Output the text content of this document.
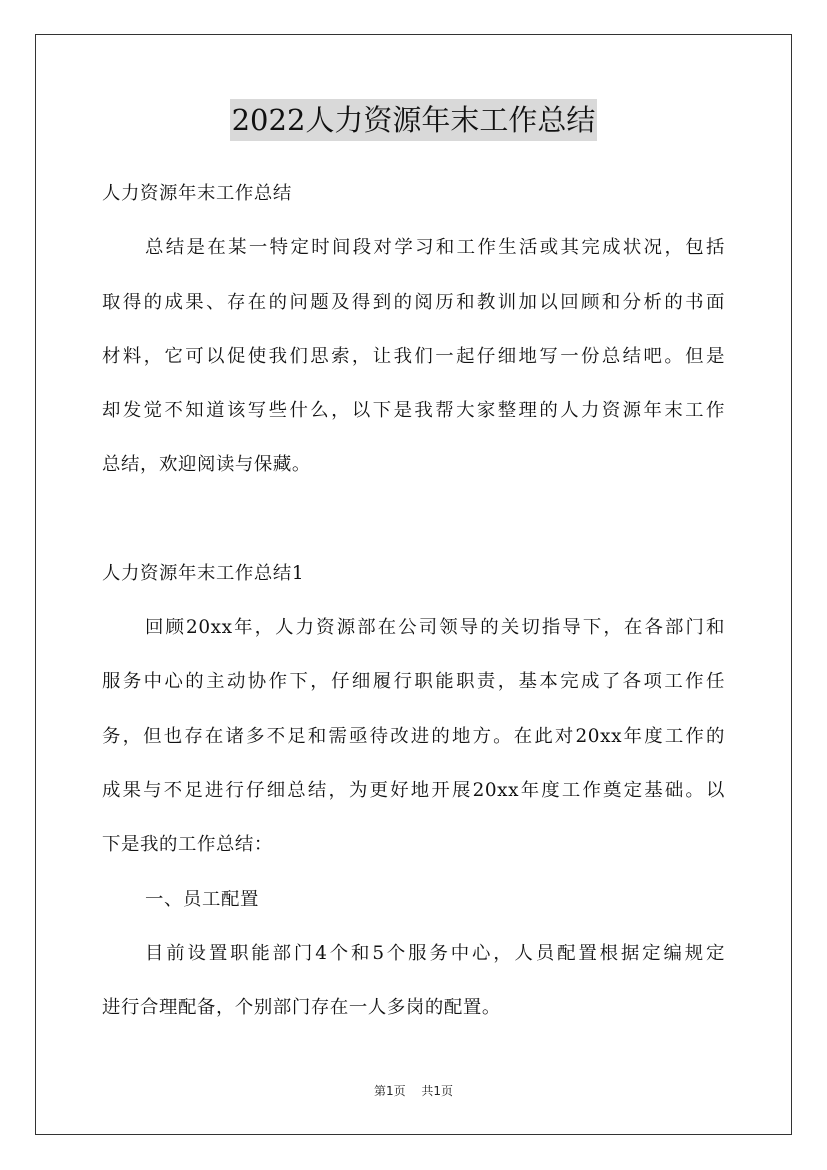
2022人力资源年末工作总结
人力资源年末工作总结
总结是在某一特定时间段对学习和工作生活或其完成状况，包括
取得的成果、存在的问题及得到的阅历和教训加以回顾和分析的书面
材料，它可以促使我们思索，让我们一起仔细地写一份总结吧。但是
却发觉不知道该写些什么，以下是我帮大家整理的人力资源年末工作
总结，欢迎阅读与保藏。
人力资源年末工作总结1
回顾20xx年，人力资源部在公司领导的关切指导下，在各部门和
服务中心的主动协作下，仔细履行职能职责，基本完成了各项工作任
务，但也存在诸多不足和需亟待改进的地方。在此对20xx年度工作的
成果与不足进行仔细总结，为更好地开展20xx年度工作奠定基础。以
下是我的工作总结：
一、员工配置
目前设置职能部门4个和5个服务中心，人员配置根据定编规定
进行合理配备，个别部门存在一人多岗的配置。
第1页 共1页
